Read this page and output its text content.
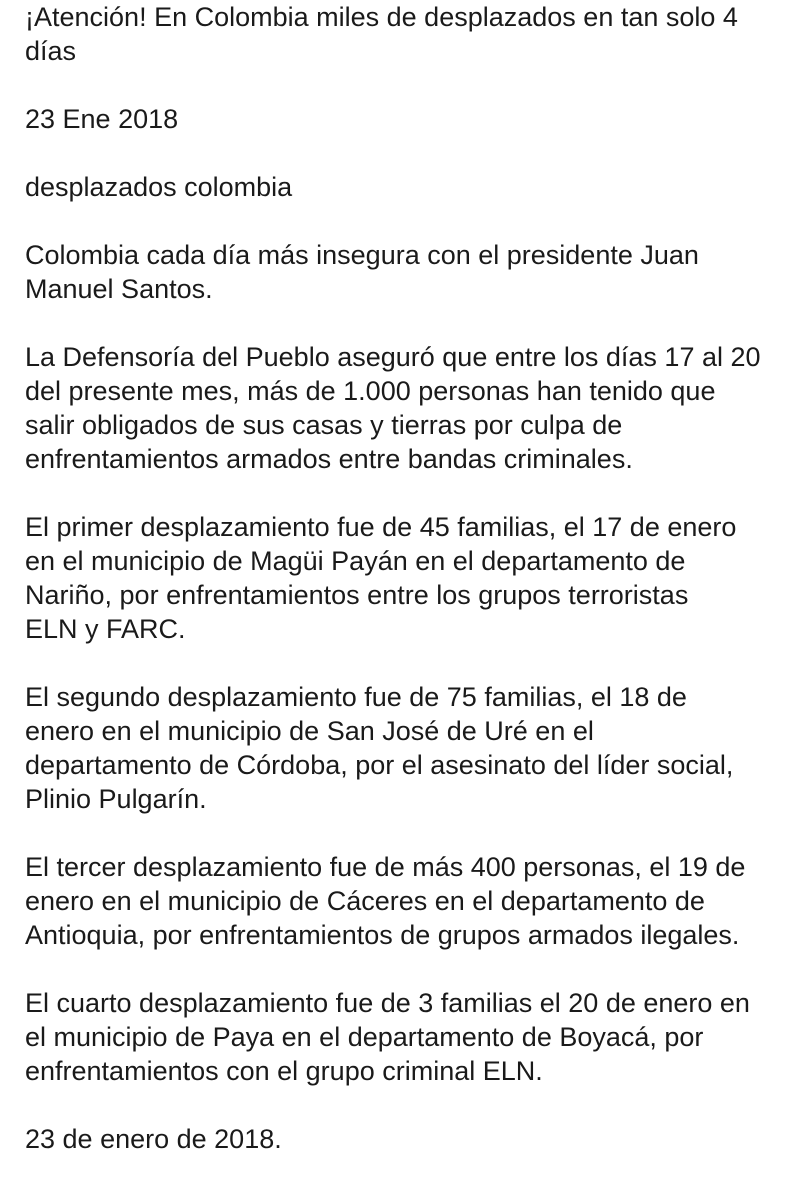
¡Atención! En Colombia miles de desplazados en tan solo 4
días

23 Ene 2018

desplazados colombia

Colombia cada día más insegura con el presidente Juan
Manuel Santos.

La Defensoría del Pueblo aseguró que entre los días 17 al 20
del presente mes, más de 1.000 personas han tenido que
salir obligados de sus casas y tierras por culpa de
enfrentamientos armados entre bandas criminales.

El primer desplazamiento fue de 45 familias, el 17 de enero
en el municipio de Magüi Payán en el departamento de
Nariño, por enfrentamientos entre los grupos terroristas
ELN y FARC.

El segundo desplazamiento fue de 75 familias, el 18 de
enero en el municipio de San José de Uré en el
departamento de Córdoba, por el asesinato del líder social,
Plinio Pulgarín.

El tercer desplazamiento fue de más 400 personas, el 19 de
enero en el municipio de Cáceres en el departamento de
Antioquia, por enfrentamientos de grupos armados ilegales.

El cuarto desplazamiento fue de 3 familias el 20 de enero en
el municipio de Paya en el departamento de Boyacá, por
enfrentamientos con el grupo criminal ELN.

23 de enero de 2018.
